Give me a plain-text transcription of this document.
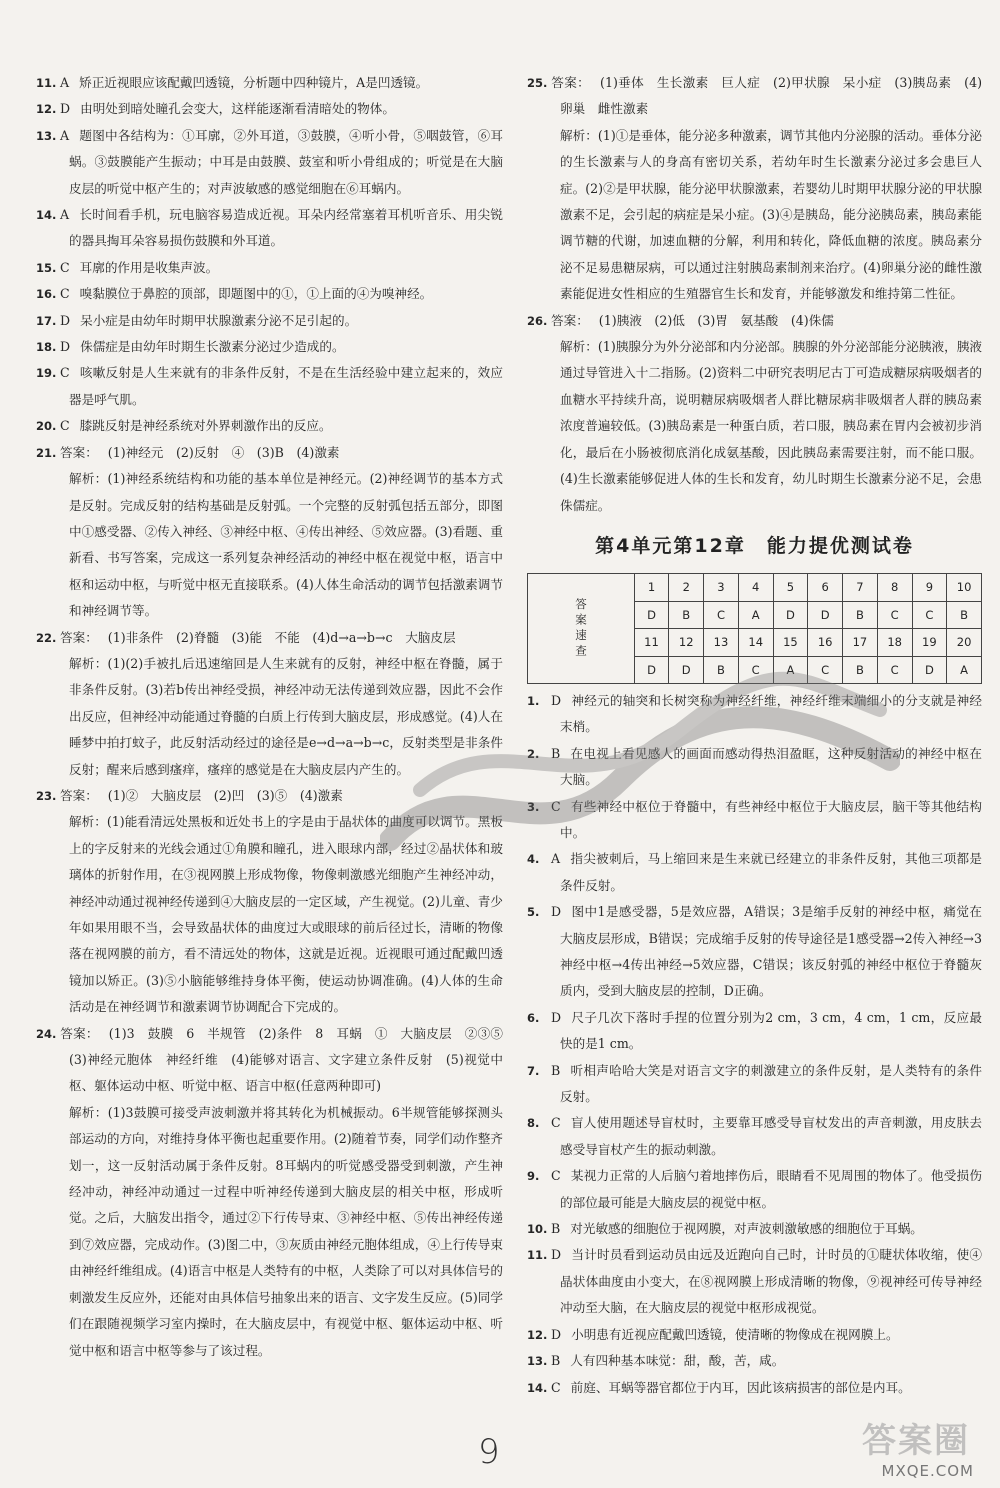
11. A 矫正近视眼应该配戴凹透镜，分析题中四种镜片，A是凹透镜。

12. D 由明处到暗处瞳孔会变大，这样能逐渐看清暗处的物体。

13. A 题图中各结构为：①耳廓，②外耳道，③鼓膜，④听小骨，⑤咽鼓管，⑥耳蜗。③鼓膜能产生振动；中耳是由鼓膜、鼓室和听小骨组成的；听觉是在大脑皮层的听觉中枢产生的；对声波敏感的感觉细胞在⑥耳蜗内。

14. A 长时间看手机，玩电脑容易造成近视。耳朵内经常塞着耳机听音乐、用尖锐的器具掏耳朵容易损伤鼓膜和外耳道。

15. C 耳廓的作用是收集声波。

16. C 嗅黏膜位于鼻腔的顶部，即题图中的①，①上面的④为嗅神经。

17. D 呆小症是由幼年时期甲状腺激素分泌不足引起的。

18. D 侏儒症是由幼年时期生长激素分泌过少造成的。

19. C 咳嗽反射是人生来就有的非条件反射，不是在生活经验中建立起来的，效应器是呼气肌。

20. C 膝跳反射是神经系统对外界刺激作出的反应。

21. 答案： (1)神经元　(2)反射　④　(3)B　(4)激素

解析：(1)神经系统结构和功能的基本单位是神经元。(2)神经调节的基本方式是反射。完成反射的结构基础是反射弧。一个完整的反射弧包括五部分，即图中①感受器、②传入神经、③神经中枢、④传出神经、⑤效应器。(3)看题、重新看、书写答案，完成这一系列复杂神经活动的神经中枢在视觉中枢，语言中枢和运动中枢，与听觉中枢无直接联系。(4)人体生命活动的调节包括激素调节和神经调节等。

22. 答案： (1)非条件　(2)脊髓　(3)能　不能　(4)d→a→b→c　大脑皮层

解析：(1)(2)手被扎后迅速缩回是人生来就有的反射，神经中枢在脊髓，属于非条件反射。(3)若b传出神经受损，神经冲动无法传递到效应器，因此不会作出反应，但神经冲动能通过脊髓的白质上行传到大脑皮层，形成感觉。(4)人在睡梦中拍打蚊子，此反射活动经过的途径是e→d→a→b→c，反射类型是非条件反射；醒来后感到瘙痒，瘙痒的感觉是在大脑皮层内产生的。

23. 答案： (1)②　大脑皮层　(2)凹　(3)⑤　(4)激素

解析：(1)能看清远处黑板和近处书上的字是由于晶状体的曲度可以调节。黑板上的字反射来的光线会通过①角膜和瞳孔，进入眼球内部，经过②晶状体和玻璃体的折射作用，在③视网膜上形成物像，物像刺激感光细胞产生神经冲动，神经冲动通过视神经传递到④大脑皮层的一定区域，产生视觉。(2)儿童、青少年如果用眼不当，会导致晶状体的曲度过大或眼球的前后径过长，清晰的物像落在视网膜的前方，看不清远处的物体，这就是近视。近视眼可通过配戴凹透镜加以矫正。(3)⑤小脑能够维持身体平衡，使运动协调准确。(4)人体的生命活动是在神经调节和激素调节协调配合下完成的。

24. 答案： (1)3　鼓膜　6　半规管　(2)条件　8　耳蜗　①　大脑皮层　②③⑤　(3)神经元胞体　神经纤维　(4)能够对语言、文字建立条件反射　(5)视觉中枢、躯体运动中枢、听觉中枢、语言中枢(任意两种即可)

解析：(1)3鼓膜可接受声波刺激并将其转化为机械振动。6半规管能够探测头部运动的方向，对维持身体平衡也起重要作用。(2)随着节奏，同学们动作整齐划一，这一反射活动属于条件反射。8耳蜗内的听觉感受器受到刺激，产生神经冲动，神经冲动通过一过程中听神经传递到大脑皮层的相关中枢，形成听觉。之后，大脑发出指令，通过②下行传导束、③神经中枢、⑤传出神经传递到⑦效应器，完成动作。(3)图二中，③灰质由神经元胞体组成，④上行传导束由神经纤维组成。(4)语言中枢是人类特有的中枢，人类除了可以对具体信号的刺激发生反应外，还能对由具体信号抽象出来的语言、文字发生反应。(5)同学们在跟随视频学习室内操时，在大脑皮层中，有视觉中枢、躯体运动中枢、听觉中枢和语言中枢等参与了该过程。

25. 答案： (1)垂体　生长激素　巨人症　(2)甲状腺　呆小症　(3)胰岛素　(4)卵巢　雌性激素

解析：(1)①是垂体，能分泌多种激素，调节其他内分泌腺的活动。垂体分泌的生长激素与人的身高有密切关系，若幼年时生长激素分泌过多会患巨人症。(2)②是甲状腺，能分泌甲状腺激素，若婴幼儿时期甲状腺分泌的甲状腺激素不足，会引起的病症是呆小症。(3)④是胰岛，能分泌胰岛素，胰岛素能调节糖的代谢，加速血糖的分解，利用和转化，降低血糖的浓度。胰岛素分泌不足易患糖尿病，可以通过注射胰岛素制剂来治疗。(4)卵巢分泌的雌性激素能促进女性相应的生殖器官生长和发育，并能够激发和维持第二性征。

26. 答案： (1)胰液　(2)低　(3)胃　氨基酸　(4)侏儒

解析：(1)胰腺分为外分泌部和内分泌部。胰腺的外分泌部能分泌胰液，胰液通过导管进入十二指肠。(2)资料二中研究表明尼古丁可造成糖尿病吸烟者的血糖水平持续升高，说明糖尿病吸烟者人群比糖尿病非吸烟者人群的胰岛素浓度普遍较低。(3)胰岛素是一种蛋白质，若口服，胰岛素在胃内会被初步消化，最后在小肠被彻底消化成氨基酸，因此胰岛素需要注射，而不能口服。(4)生长激素能够促进人体的生长和发育，幼儿时期生长激素分泌不足，会患侏儒症。

第4单元第12章　能力提优测试卷
答案速查	1	2	3	4	5	6	7	8	9	10
	D	B	C	A	D	D	B	C	C	B
	11	12	13	14	15	16	17	18	19	20
	D	D	B	C	A	C	B	C	D	A

1. D 神经元的轴突和长树突称为神经纤维，神经纤维末端细小的分支就是神经末梢。

2. B 在电视上看见感人的画面而感动得热泪盈眶，这种反射活动的神经中枢在大脑。

3. C 有些神经中枢位于脊髓中，有些神经中枢位于大脑皮层，脑干等其他结构中。

4. A 指尖被刺后，马上缩回来是生来就已经建立的非条件反射，其他三项都是条件反射。

5. D 图中1是感受器，5是效应器，A错误；3是缩手反射的神经中枢，痛觉在大脑皮层形成，B错误；完成缩手反射的传导途径是1感受器→2传入神经→3神经中枢→4传出神经→5效应器，C错误；该反射弧的神经中枢位于脊髓灰质内，受到大脑皮层的控制，D正确。

6. D 尺子几次下落时手捏的位置分别为2 cm，3 cm，4 cm，1 cm，反应最快的是1 cm。

7. B 听相声哈哈大笑是对语言文字的刺激建立的条件反射，是人类特有的条件反射。

8. C 盲人使用题述导盲杖时，主要靠耳感受导盲杖发出的声音刺激，用皮肤去感受导盲杖产生的振动刺激。

9. C 某视力正常的人后脑勺着地摔伤后，眼睛看不见周围的物体了。他受损伤的部位最可能是大脑皮层的视觉中枢。

10. B 对光敏感的细胞位于视网膜，对声波刺激敏感的细胞位于耳蜗。

11. D 当计时员看到运动员由远及近跑向自己时，计时员的①睫状体收缩，使④晶状体曲度由小变大，在⑧视网膜上形成清晰的物像，⑨视神经可传导神经冲动至大脑，在大脑皮层的视觉中枢形成视觉。

12. D 小明患有近视应配戴凹透镜，使清晰的物像成在视网膜上。

13. B 人有四种基本味觉：甜，酸，苦，咸。

14. C 前庭、耳蜗等器官都位于内耳，因此该病损害的部位是内耳。

9	答案圈
MXQE.COM
